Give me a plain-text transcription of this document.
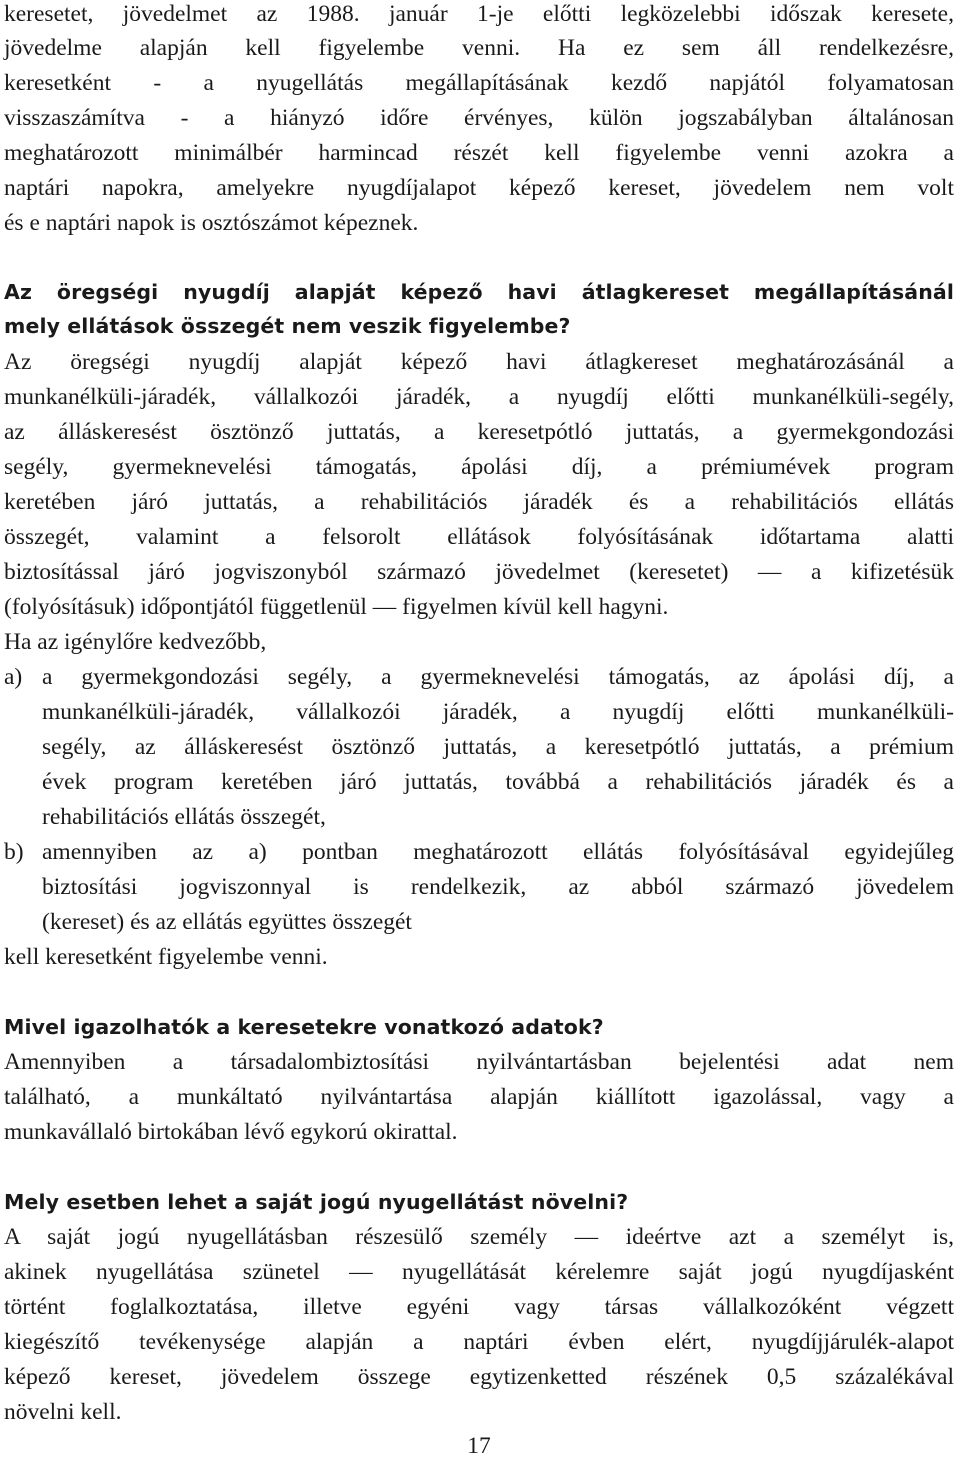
keresetet, jövedelmet az 1988. január 1-je előtti legközelebbi időszak keresete,
jövedelme alapján kell figyelembe venni. Ha ez sem áll rendelkezésre,
keresetként - a nyugellátás megállapításának kezdő napjától folyamatosan
visszaszámítva - a hiányzó időre érvényes, külön jogszabályban általánosan
meghatározott minimálbér harmincad részét kell figyelembe venni azokra a
naptári napokra, amelyekre nyugdíjalapot képező kereset, jövedelem nem volt
és e naptári napok is osztószámot képeznek.
Az öregségi nyugdíj alapját képező havi átlagkereset megállapításánál
mely ellátások összegét nem veszik figyelembe?
Az öregségi nyugdíj alapját képező havi átlagkereset meghatározásánál a
munkanélküli-járadék, vállalkozói járadék, a nyugdíj előtti munkanélküli-segély,
az álláskeresést ösztönző juttatás, a keresetpótló juttatás, a gyermekgondozási
segély, gyermeknevelési támogatás, ápolási díj, a prémiumévek program
keretében járó juttatás, a rehabilitációs járadék és a rehabilitációs ellátás
összegét, valamint a felsorolt ellátások folyósításának időtartama alatti
biztosítással járó jogviszonyból származó jövedelmet (keresetet) — a kifizetésük
(folyósításuk) időpontjától függetlenül — figyelmen kívül kell hagyni.
Ha az igénylőre kedvezőbb,
a) a gyermekgondozási segély, a gyermeknevelési támogatás, az ápolási díj, a
munkanélküli-járadék, vállalkozói járadék, a nyugdíj előtti munkanélküli-
segély, az álláskeresést ösztönző juttatás, a keresetpótló juttatás, a prémium
évek program keretében járó juttatás, továbbá a rehabilitációs járadék és a
rehabilitációs ellátás összegét,
b) amennyiben az a) pontban meghatározott ellátás folyósításával egyidejűleg
biztosítási jogviszonnyal is rendelkezik, az abból származó jövedelem
(kereset) és az ellátás együttes összegét
kell keresetként figyelembe venni.
Mivel igazolhatók a keresetekre vonatkozó adatok?
Amennyiben a társadalombiztosítási nyilvántartásban bejelentési adat nem
található, a munkáltató nyilvántartása alapján kiállított igazolással, vagy a
munkavállaló birtokában lévő egykorú okirattal.
Mely esetben lehet a saját jogú nyugellátást növelni?
A saját jogú nyugellátásban részesülő személy — ideértve azt a személyt is,
akinek nyugellátása szünetel — nyugellátását kérelemre saját jogú nyugdíjasként
történt foglalkoztatása, illetve egyéni vagy társas vállalkozóként végzett
kiegészítő tevékenysége alapján a naptári évben elért, nyugdíjjárulék-alapot
képező kereset, jövedelem összege egytizenketted részének 0,5 százalékával
növelni kell.
17
